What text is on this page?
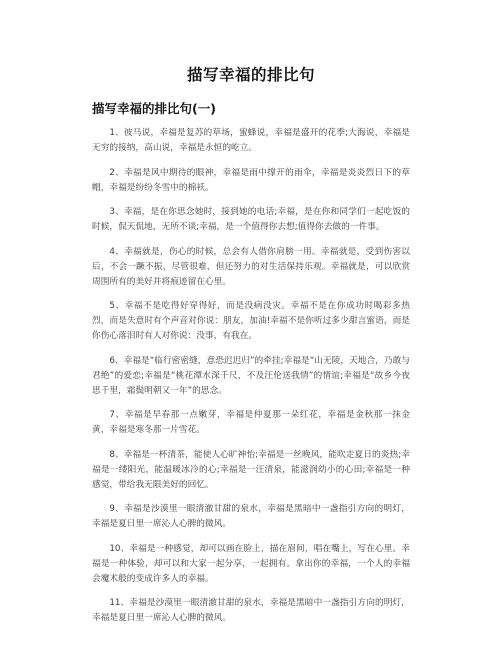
描写幸福的排比句
描写幸福的排比句(一)

1、彼马说，幸福是复苏的草场，蜜蜂说，幸福是盛开的花季;大海说，幸福是无穷的接纳，高山说，幸福是永恒的屹立。

2、幸福是风中期待的眼神，幸福是雨中撑开的雨伞，幸福是炎炎烈日下的草帽，幸福是纷纷冬雪中的棉袄。

3、幸福，是在你思念她时，接到她的电话;幸福，是在你和同学们一起吃饭的时候，侃天侃地，无所不谈;幸福，是一个值得你去想;值得你去做的一件事。

4、幸福就是，伤心的时候，总会有人借你肩膀一用。幸福就是，受到伤害以后，不会一蹶不振，尽管很难，但还努力的对生活保持乐观。幸福就是，可以欣赏周围所有的美好并将痕迹留在心里。

5、幸福不是吃得好穿得好，而是没病没灾。幸福不是在你成功时喝彩多热烈，而是失意时有个声音对你说：朋友，加油!幸福不是你听过多少甜言蜜语，而是你伤心落泪时有人对你说：没事，有我在。

6、幸福是“临行密密缝，意恐迟迟归”的牵挂;幸福是“山无陵，天地合，乃敢与君绝”的爱恋;幸福是“桃花潭水深千尺，不及汪伦送我情”的情谊;幸福是“故乡今夜思千里，霜鬓明朝又一年”的思念。

7、幸福是早春那一点嫩芽，幸福是仲夏那一朵红花，幸福是金秋那一抹金黄，幸福是寒冬那一片雪花。

8、幸福是一杯清茶，能使人心旷神怡;幸福是一丝晚风，能吹走夏日的炎热;幸福是一缕阳光，能温暖冰冷的心;幸福是一汪清泉，能滋润幼小的心田;幸福是一种感觉，带给我无限美好的回忆。

9、幸福是沙漠里一眼清澈甘甜的泉水，幸福是黑暗中一盏指引方向的明灯，幸福是夏日里一席沁人心脾的微风。

10、幸福是一种感觉，却可以画在脸上，描在眉间，唱在嘴上，写在心里。幸福是一种体验，却可以和大家一起分享，一起拥有。拿出你的幸福，一个人的幸福会魔术般的变成许多人的幸福。

11、幸福是沙漠里一眼清澈甘甜的泉水，幸福是黑暗中一盏指引方向的明灯，幸福是夏日里一席沁人心脾的微风。
